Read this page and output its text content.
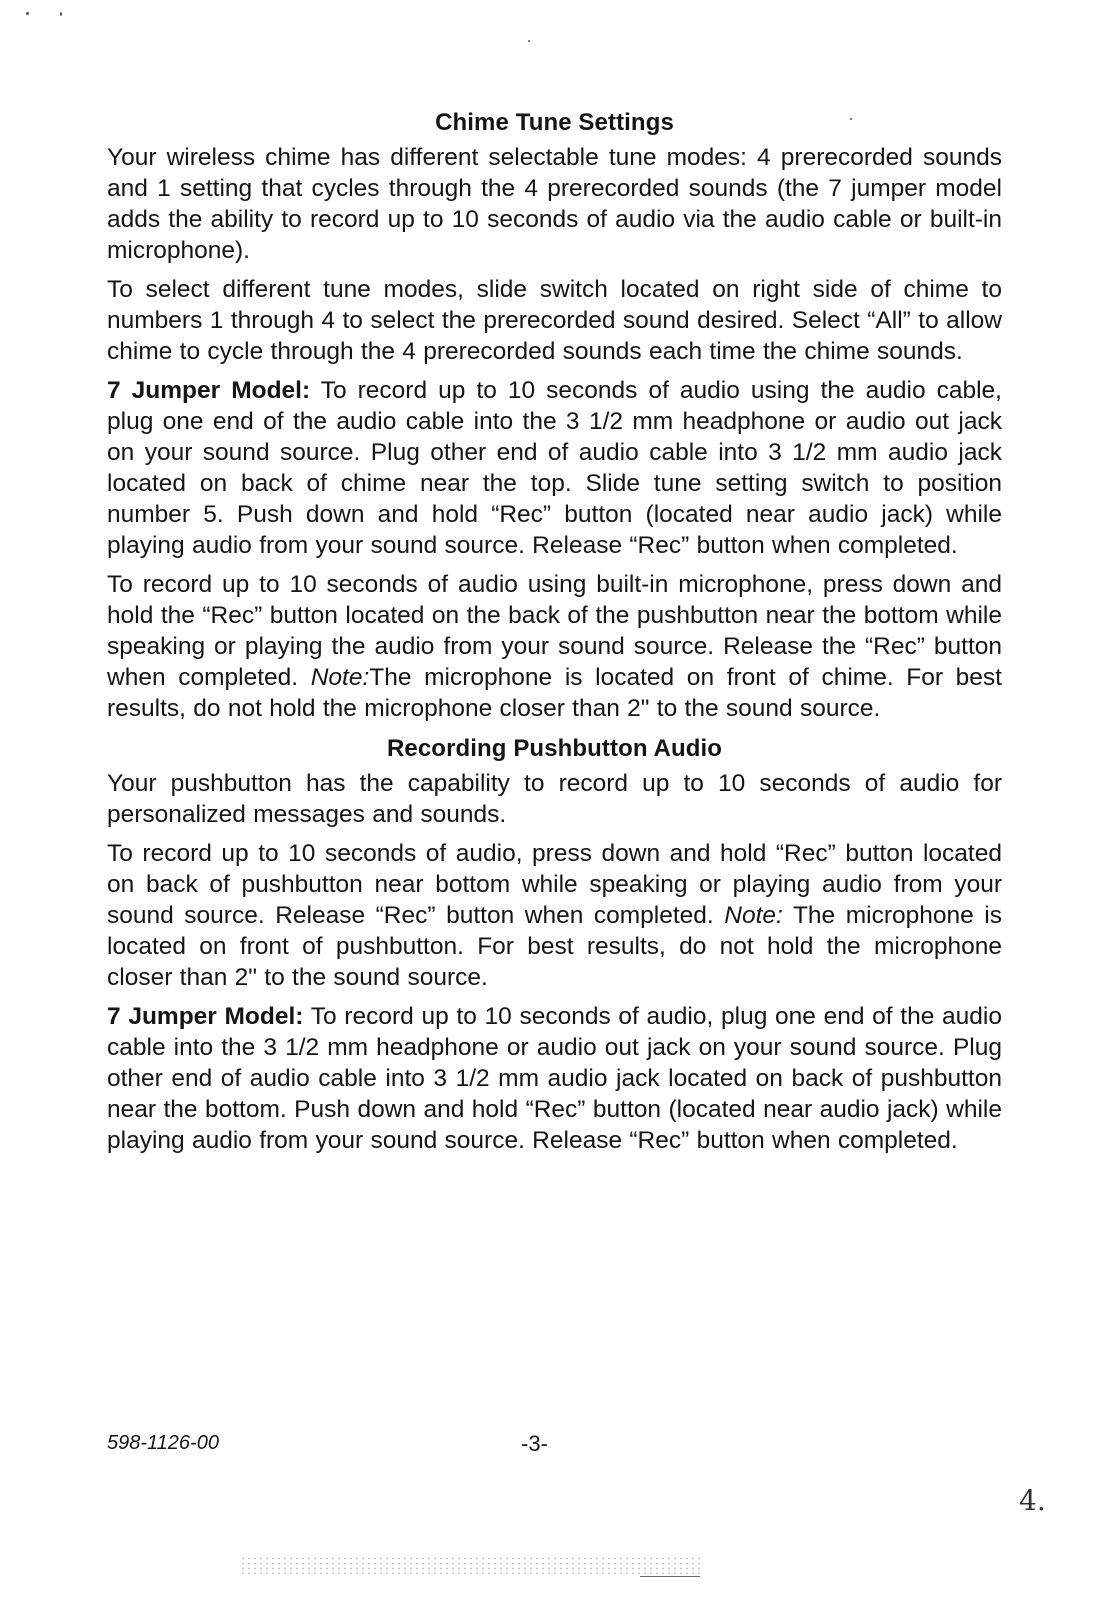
Chime Tune Settings

Your wireless chime has different selectable tune modes: 4 prerecorded sounds and 1 setting that cycles through the 4 prerecorded sounds (the 7 jumper model adds the ability to record up to 10 seconds of audio via the audio cable or built-in microphone).

To select different tune modes, slide switch located on right side of chime to numbers 1 through 4 to select the prerecorded sound desired. Select “All” to allow chime to cycle through the 4 prerecorded sounds each time the chime sounds.

7 Jumper Model: To record up to 10 seconds of audio using the audio cable, plug one end of the audio cable into the 3 1/2 mm headphone or audio out jack on your sound source. Plug other end of audio cable into 3 1/2 mm audio jack located on back of chime near the top. Slide tune setting switch to position number 5. Push down and hold “Rec” button (located near audio jack) while playing audio from your sound source. Release “Rec” button when completed.

To record up to 10 seconds of audio using built-in microphone, press down and hold the “Rec” button located on the back of the pushbutton near the bottom while speaking or playing the audio from your sound source. Release the “Rec” button when completed. Note:The microphone is located on front of chime. For best results, do not hold the microphone closer than 2" to the sound source.

Recording Pushbutton Audio

Your pushbutton has the capability to record up to 10 seconds of audio for personalized messages and sounds.

To record up to 10 seconds of audio, press down and hold “Rec” button located on back of pushbutton near bottom while speaking or playing audio from your sound source. Release “Rec” button when completed. Note: The microphone is located on front of pushbutton. For best results, do not hold the microphone closer than 2" to the sound source.

7 Jumper Model: To record up to 10 seconds of audio, plug one end of the audio cable into the 3 1/2 mm headphone or audio out jack on your sound source. Plug other end of audio cable into 3 1/2 mm audio jack located on back of pushbutton near the bottom. Push down and hold “Rec” button (located near audio jack) while playing audio from your sound source. Release “Rec” button when completed.

598-1126-00	-3-
4.
